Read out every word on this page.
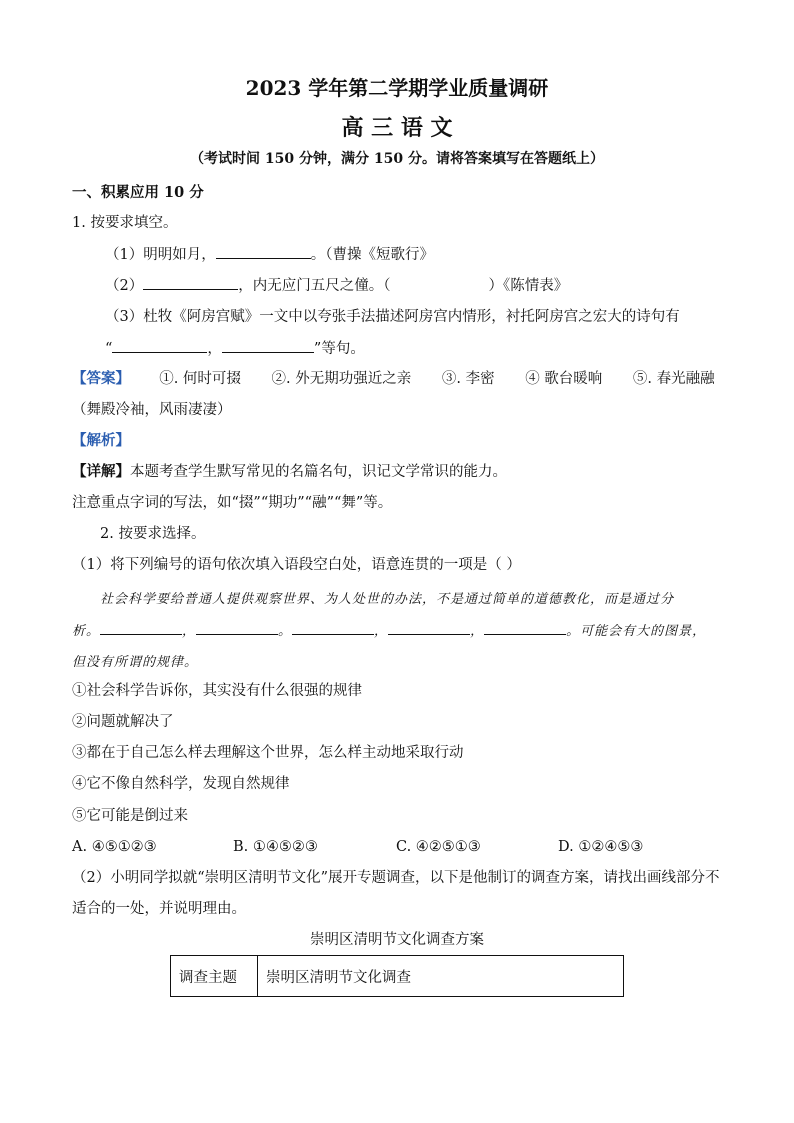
2023 学年第二学期学业质量调研
高 三 语 文
（考试时间 150 分钟，满分 150 分。请将答案填写在答题纸上）
一、积累应用 10 分
1. 按要求填空。
（1）明明如月，	。（曹操《短歌行》
（2）	，内无应门五尺之僮。（	）《陈情表》
（3）杜牧《阿房宫赋》一文中以夸张手法描述阿房宫内情形，衬托阿房宫之宏大的诗句有
“	，	”等句。
【答案】 ①. 何时可掇 ②. 外无期功强近之亲 ③. 李密 ④ 歌台暖响 ⑤. 春光融融
（舞殿冷袖，风雨凄凄）
【解析】
【详解】本题考查学生默写常见的名篇名句，识记文学常识的能力。
注意重点字词的写法，如“掇”“期功”“融”“舞”等。
2. 按要求选择。
（1）将下列编号的语句依次填入语段空白处，语意连贯的一项是（ ）
社会科学要给普通人提供观察世界、为人处世的办法，不是通过简单的道德教化，而是通过分
析。	，	。	，	，	。可能会有大的图景，
但没有所谓的规律。
①社会科学告诉你，其实没有什么很强的规律
②问题就解决了
③都在于自己怎么样去理解这个世界，怎么样主动地采取行动
④它不像自然科学，发现自然规律
⑤它可能是倒过来
A. ④⑤①②③	B. ①④⑤②③	C. ④②⑤①③	D. ①②④⑤③
（2）小明同学拟就“崇明区清明节文化”展开专题调查，以下是他制订的调查方案，请找出画线部分不
适合的一处，并说明理由。
崇明区清明节文化调查方案
调查主题	崇明区清明节文化调查
